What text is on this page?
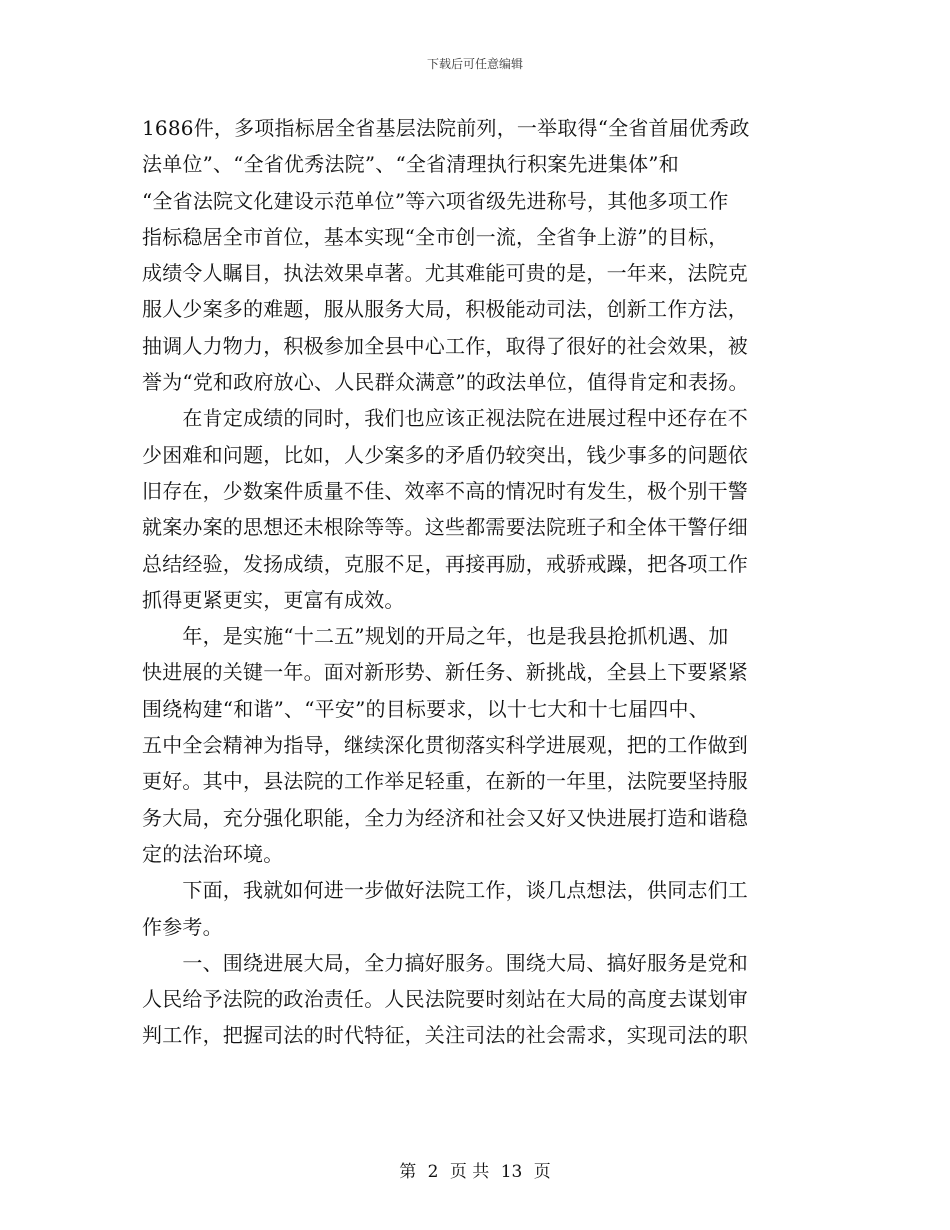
下载后可任意编辑
1686件，多项指标居全省基层法院前列，一举取得“全省首届优秀政
法单位”、“全省优秀法院”、“全省清理执行积案先进集体”和
“全省法院文化建设示范单位”等六项省级先进称号，其他多项工作
指标稳居全市首位，基本实现“全市创一流，全省争上游”的目标，
成绩令人瞩目，执法效果卓著。尤其难能可贵的是，一年来，法院克
服人少案多的难题，服从服务大局，积极能动司法，创新工作方法，
抽调人力物力，积极参加全县中心工作，取得了很好的社会效果，被
誉为“党和政府放心、人民群众满意”的政法单位，值得肯定和表扬。
　　在肯定成绩的同时，我们也应该正视法院在进展过程中还存在不
少困难和问题，比如，人少案多的矛盾仍较突出，钱少事多的问题依
旧存在，少数案件质量不佳、效率不高的情况时有发生，极个别干警
就案办案的思想还未根除等等。这些都需要法院班子和全体干警仔细
总结经验，发扬成绩，克服不足，再接再励，戒骄戒躁，把各项工作
抓得更紧更实，更富有成效。
　　年，是实施“十二五”规划的开局之年，也是我县抢抓机遇、加
快进展的关键一年。面对新形势、新任务、新挑战，全县上下要紧紧
围绕构建“和谐”、“平安”的目标要求，以十七大和十七届四中、
五中全会精神为指导，继续深化贯彻落实科学进展观，把的工作做到
更好。其中，县法院的工作举足轻重，在新的一年里，法院要坚持服
务大局，充分强化职能，全力为经济和社会又好又快进展打造和谐稳
定的法治环境。
　　下面，我就如何进一步做好法院工作，谈几点想法，供同志们工
作参考。
　　一、围绕进展大局，全力搞好服务。围绕大局、搞好服务是党和
人民给予法院的政治责任。人民法院要时刻站在大局的高度去谋划审
判工作，把握司法的时代特征，关注司法的社会需求，实现司法的职
第 2 页 共 13 页
